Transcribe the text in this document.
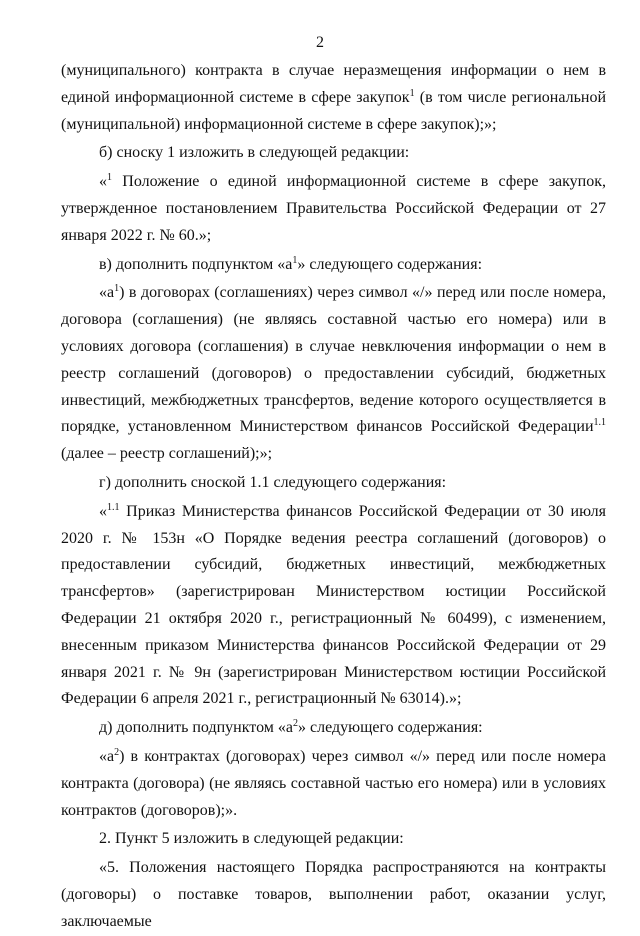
2

(муниципального) контракта в случае неразмещения информации о нем в единой информационной системе в сфере закупок$^1$ (в том числе региональной (муниципальной) информационной системе в сфере закупок);»;

б) сноску 1 изложить в следующей редакции:

«$^1$ Положение о единой информационной системе в сфере закупок, утвержденное постановлением Правительства Российской Федерации от 27 января 2022 г. № 60.»;

в) дополнить подпунктом «$а^1$» следующего содержания:

«$а^1$) в договорах (соглашениях) через символ «/» перед или после номера, договора (соглашения) (не являясь составной частью его номера) или в условиях договора (соглашения) в случае невключения информации о нем в реестр соглашений (договоров) о предоставлении субсидий, бюджетных инвестиций, межбюджетных трансфертов, ведение которого осуществляется в порядке, установленном Министерством финансов Российской Федерации$^{1.1}$ (далее – реестр соглашений);»;

г) дополнить сноской 1.1 следующего содержания:

«$^{1.1}$ Приказ Министерства финансов Российской Федерации от 30 июля 2020 г. № 153н «О Порядке ведения реестра соглашений (договоров) о предоставлении субсидий, бюджетных инвестиций, межбюджетных трансфертов» (зарегистрирован Министерством юстиции Российской Федерации 21 октября 2020 г., регистрационный № 60499), с изменением, внесенным приказом Министерства финансов Российской Федерации от 29 января 2021 г. № 9н (зарегистрирован Министерством юстиции Российской Федерации 6 апреля 2021 г., регистрационный № 63014).»;

д) дополнить подпунктом «$а^2$» следующего содержания:

«$а^2$) в контрактах (договорах) через символ «/» перед или после номера контракта (договора) (не являясь составной частью его номера) или в условиях контрактов (договоров);».

2. Пункт 5 изложить в следующей редакции:

«5. Положения настоящего Порядка распространяются на контракты (договоры) о поставке товаров, выполнении работ, оказании услуг, заключаемые
